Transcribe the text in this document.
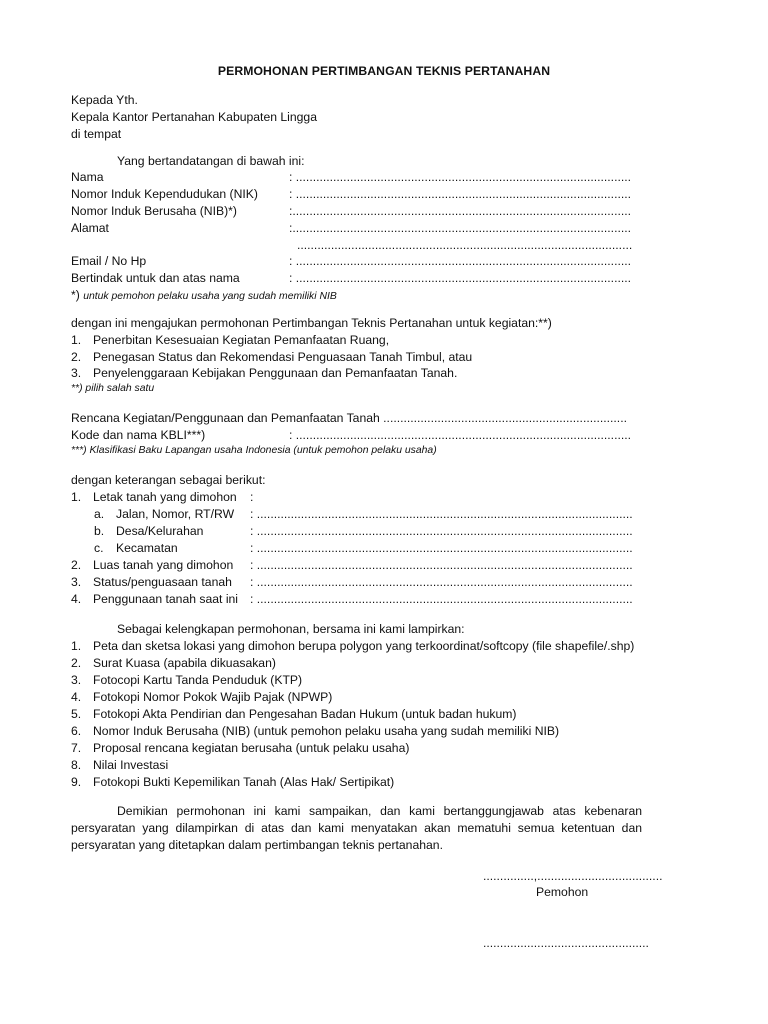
PERMOHONAN PERTIMBANGAN TEKNIS PERTANAHAN
Kepada Yth.
Kepala Kantor Pertanahan Kabupaten Lingga
di tempat
Yang bertandatangan di bawah ini:
Nama	: ...................................................................................................
Nomor Induk Kependudukan (NIK)	: ...................................................................................................
Nomor Induk Berusaha (NIB)*)	:....................................................................................................
Alamat	:....................................................................................................
...................................................................................................
Email / No Hp	: ...................................................................................................
Bertindak untuk dan atas nama	: ...................................................................................................
*) untuk pemohon pelaku usaha yang sudah memiliki NIB
dengan ini mengajukan permohonan Pertimbangan Teknis Pertanahan untuk kegiatan:**)
1. Penerbitan Kesesuaian Kegiatan Pemanfaatan Ruang,
2. Penegasan Status dan Rekomendasi Penguasaan Tanah Timbul, atau
3. Penyelenggaraan Kebijakan Penggunaan dan Pemanfaatan Tanah.
**) pilih salah satu
Rencana Kegiatan/Penggunaan dan Pemanfaatan Tanah ........................................................................
Kode dan nama KBLI***)	: ...................................................................................................
***) Klasifikasi Baku Lapangan usaha Indonesia (untuk pemohon pelaku usaha)
dengan keterangan sebagai berikut:
1. Letak tanah yang dimohon :
a. Jalan, Nomor, RT/RW : ...............................................................................................................
b. Desa/Kelurahan	: ...............................................................................................................
c. Kecamatan	: ...............................................................................................................
2. Luas tanah yang dimohon : ...............................................................................................................
3. Status/penguasaan tanah : ...............................................................................................................
4. Penggunaan tanah saat ini : ...............................................................................................................
Sebagai kelengkapan permohonan, bersama ini kami lampirkan:
1. Peta dan sketsa lokasi yang dimohon berupa polygon yang terkoordinat/softcopy (file shapefile/.shp)
2. Surat Kuasa (apabila dikuasakan)
3. Fotocopi Kartu Tanda Penduduk (KTP)
4. Fotokopi Nomor Pokok Wajib Pajak (NPWP)
5. Fotokopi Akta Pendirian dan Pengesahan Badan Hukum (untuk badan hukum)
6. Nomor Induk Berusaha (NIB) (untuk pemohon pelaku usaha yang sudah memiliki NIB)
7. Proposal rencana kegiatan berusaha (untuk pelaku usaha)
8. Nilai Investasi
9. Fotokopi Bukti Kepemilikan Tanah (Alas Hak/ Sertipikat)
Demikian permohonan ini kami sampaikan, dan kami bertanggungjawab atas kebenaran persyaratan yang dilampirkan di atas dan kami menyatakan akan mematuhi semua ketentuan dan persyaratan yang ditetapkan dalam pertimbangan teknis pertanahan.
...............,.....................................
Pemohon
.................................................
